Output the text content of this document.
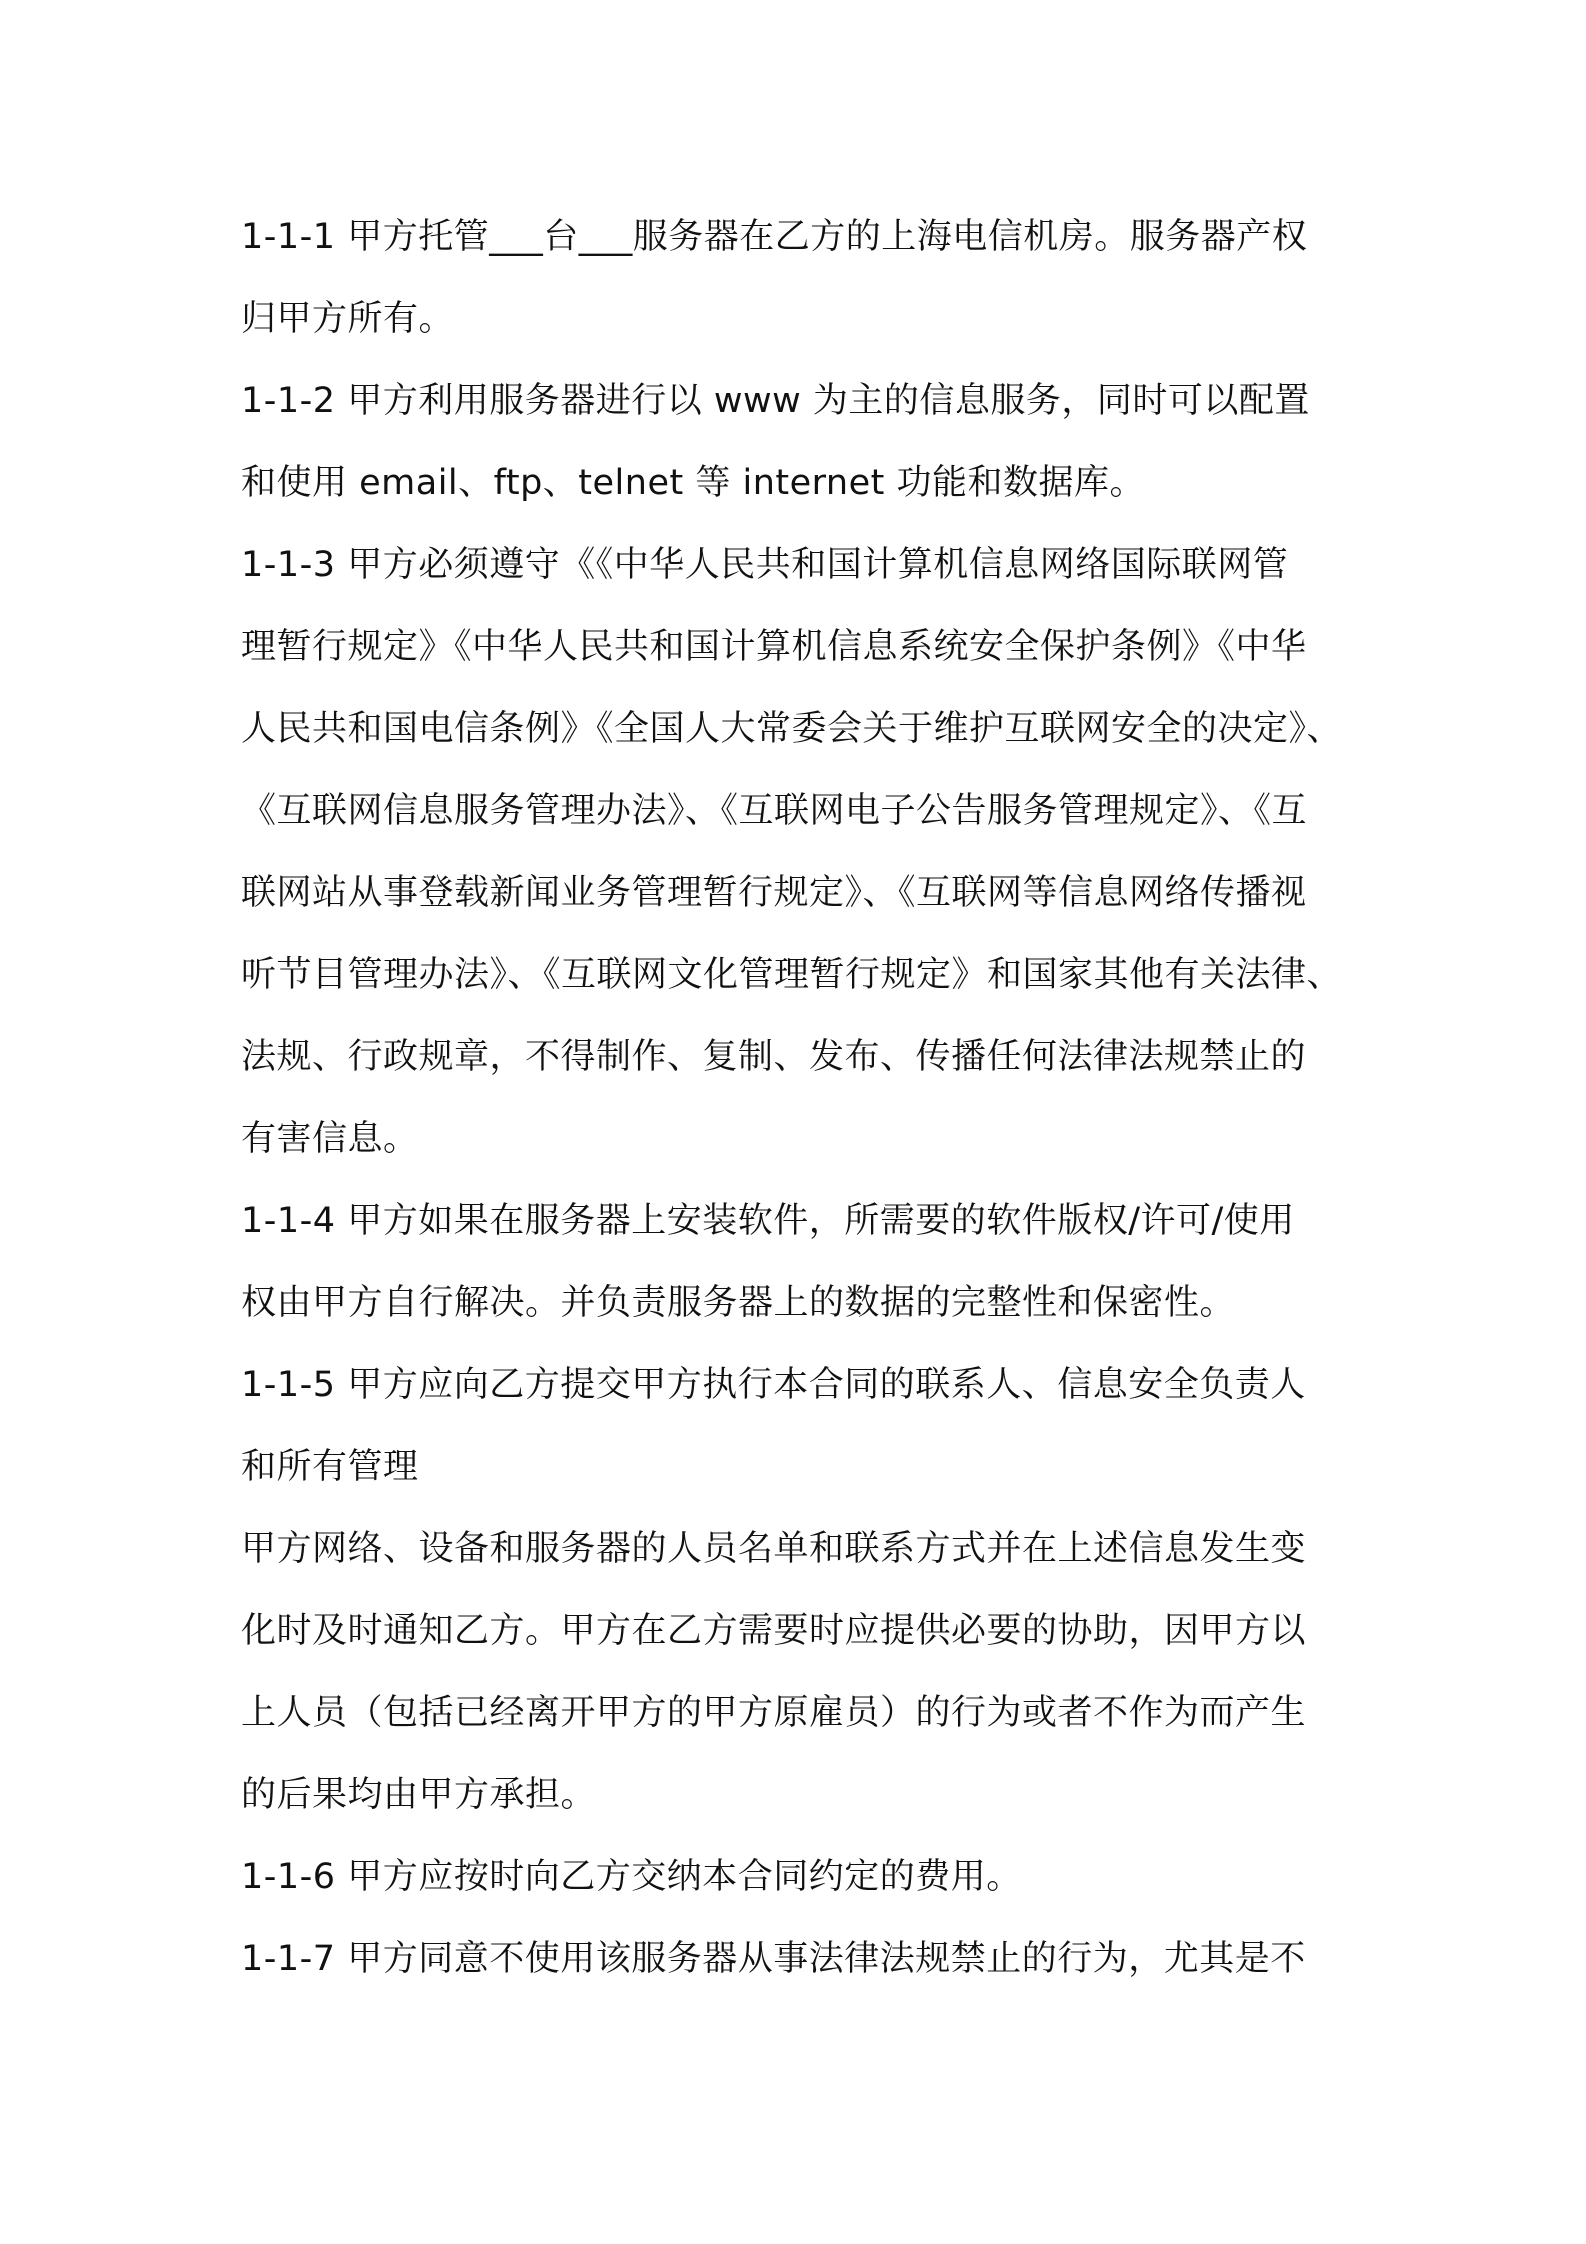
1-1-1 甲方托管___台___服务器在乙方的上海电信机房。服务器产权
归甲方所有。
1-1-2 甲方利用服务器进行以 www 为主的信息服务，同时可以配置
和使用 email、ftp、telnet 等 internet 功能和数据库。
1-1-3 甲方必须遵守《《中华人民共和国计算机信息网络国际联网管
理暂行规定》《中华人民共和国计算机信息系统安全保护条例》《中华
人民共和国电信条例》《全国人大常委会关于维护互联网安全的决定》、
《互联网信息服务管理办法》、《互联网电子公告服务管理规定》、《互
联网站从事登载新闻业务管理暂行规定》、《互联网等信息网络传播视
听节目管理办法》、《互联网文化管理暂行规定》和国家其他有关法律、
法规、行政规章，不得制作、复制、发布、传播任何法律法规禁止的
有害信息。
1-1-4 甲方如果在服务器上安装软件，所需要的软件版权/许可/使用
权由甲方自行解决。并负责服务器上的数据的完整性和保密性。
1-1-5 甲方应向乙方提交甲方执行本合同的联系人、信息安全负责人
和所有管理
甲方网络、设备和服务器的人员名单和联系方式并在上述信息发生变
化时及时通知乙方。甲方在乙方需要时应提供必要的协助，因甲方以
上人员（包括已经离开甲方的甲方原雇员）的行为或者不作为而产生
的后果均由甲方承担。
1-1-6 甲方应按时向乙方交纳本合同约定的费用。
1-1-7 甲方同意不使用该服务器从事法律法规禁止的行为，尤其是不
